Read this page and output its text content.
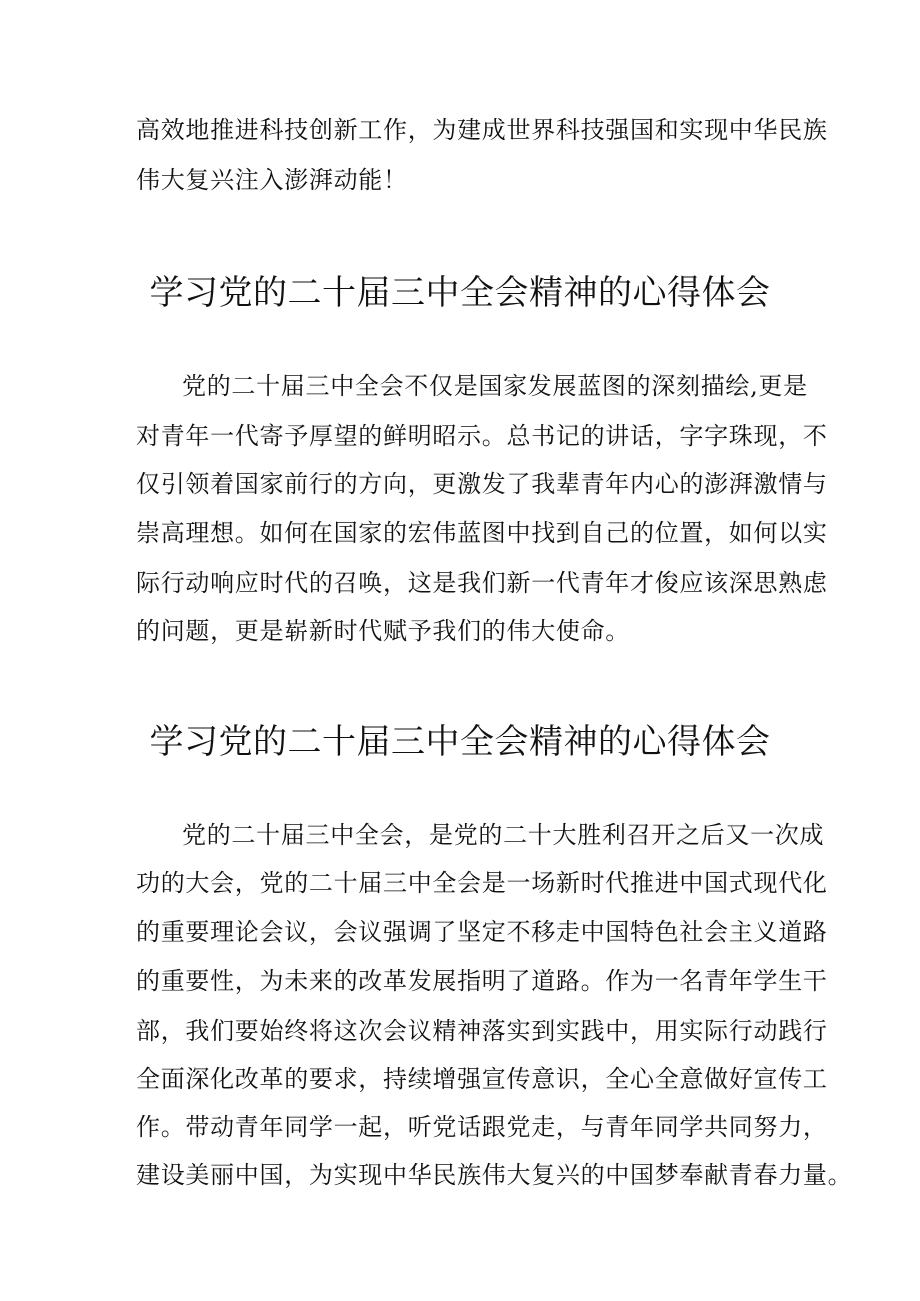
高效地推进科技创新工作，为建成世界科技强国和实现中华民族
伟大复兴注入澎湃动能！
学习党的二十届三中全会精神的心得体会
党的二十届三中全会不仅是国家发展蓝图的深刻描绘,更是
对青年一代寄予厚望的鲜明昭示。总书记的讲话，字字珠现，不
仅引领着国家前行的方向，更激发了我辈青年内心的澎湃激情与
崇高理想。如何在国家的宏伟蓝图中找到自己的位置，如何以实
际行动响应时代的召唤，这是我们新一代青年才俊应该深思熟虑
的问题，更是崭新时代赋予我们的伟大使命。
学习党的二十届三中全会精神的心得体会
党的二十届三中全会，是党的二十大胜利召开之后又一次成
功的大会，党的二十届三中全会是一场新时代推进中国式现代化
的重要理论会议，会议强调了坚定不移走中国特色社会主义道路
的重要性，为未来的改革发展指明了道路。作为一名青年学生干
部，我们要始终将这次会议精神落实到实践中，用实际行动践行
全面深化改革的要求，持续增强宣传意识，全心全意做好宣传工
作。带动青年同学一起，听党话跟党走，与青年同学共同努力，
建设美丽中国，为实现中华民族伟大复兴的中国梦奉献青春力量。
